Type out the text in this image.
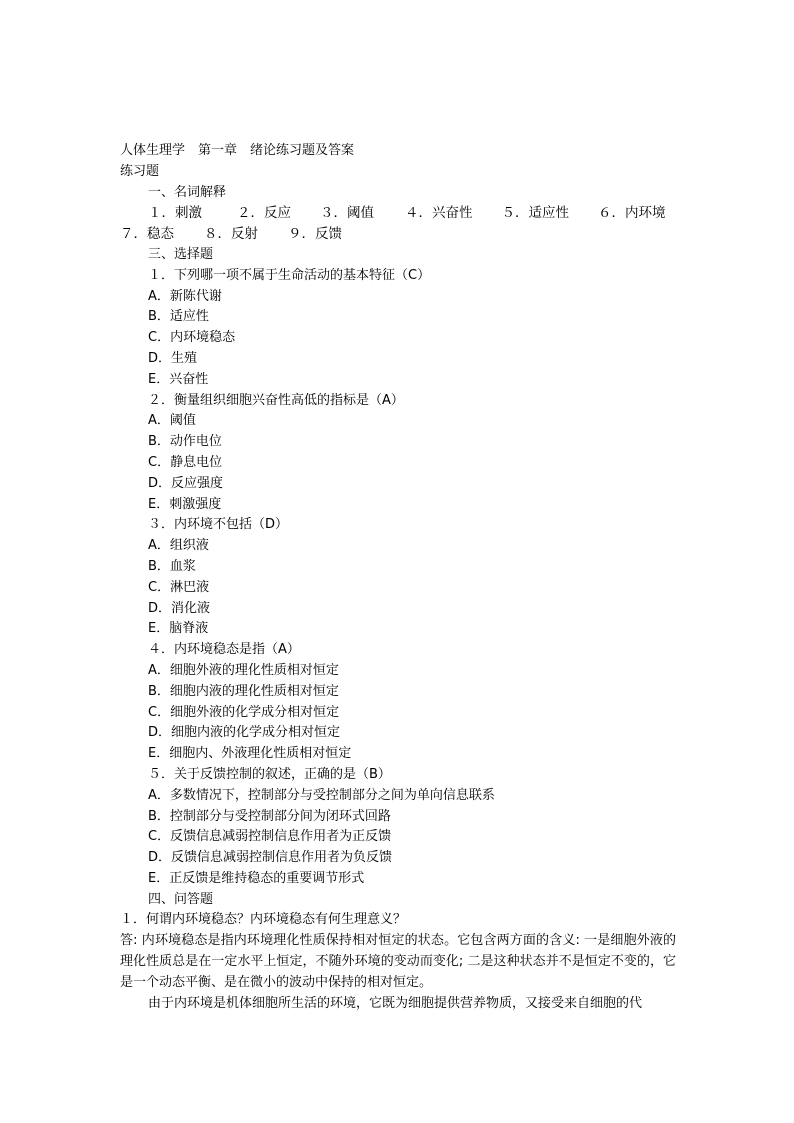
人体生理学　第一章　绪论练习题及答案
练习题
一、名词解释
１．刺激	２．反应 ３．阈值 ４．兴奋性 ５．适应性 ６．内环境
７．稳态 ８．反射 ９．反馈
三、选择题
１．下列哪一项不属于生命活动的基本特征（C）
A．新陈代谢
B．适应性
C．内环境稳态
D．生殖
E．兴奋性
２．衡量组织细胞兴奋性高低的指标是（A）
A．阈值
B．动作电位
C．静息电位
D．反应强度
E．刺激强度
３．内环境不包括（D）
A．组织液
B．血浆
C．淋巴液
D．消化液
E．脑脊液
４．内环境稳态是指（A）
A．细胞外液的理化性质相对恒定
B．细胞内液的理化性质相对恒定
C．细胞外液的化学成分相对恒定
D．细胞内液的化学成分相对恒定
E．细胞内、外液理化性质相对恒定
５．关于反馈控制的叙述，正确的是（B）
A．多数情况下，控制部分与受控制部分之间为单向信息联系
B．控制部分与受控制部分间为闭环式回路
C．反馈信息减弱控制信息作用者为正反馈
D．反馈信息减弱控制信息作用者为负反馈
E．正反馈是维持稳态的重要调节形式
四、问答题
１．何谓内环境稳态？内环境稳态有何生理意义？
答: 内环境稳态是指内环境理化性质保持相对恒定的状态。它包含两方面的含义: 一是细胞外液的理化性质总是在一定水平上恒定，不随外环境的变动而变化; 二是这种状态并不是恒定不变的，它是一个动态平衡、是在微小的波动中保持的相对恒定。
由于内环境是机体细胞所生活的环境，它既为细胞提供营养物质，又接受来自细胞的代
